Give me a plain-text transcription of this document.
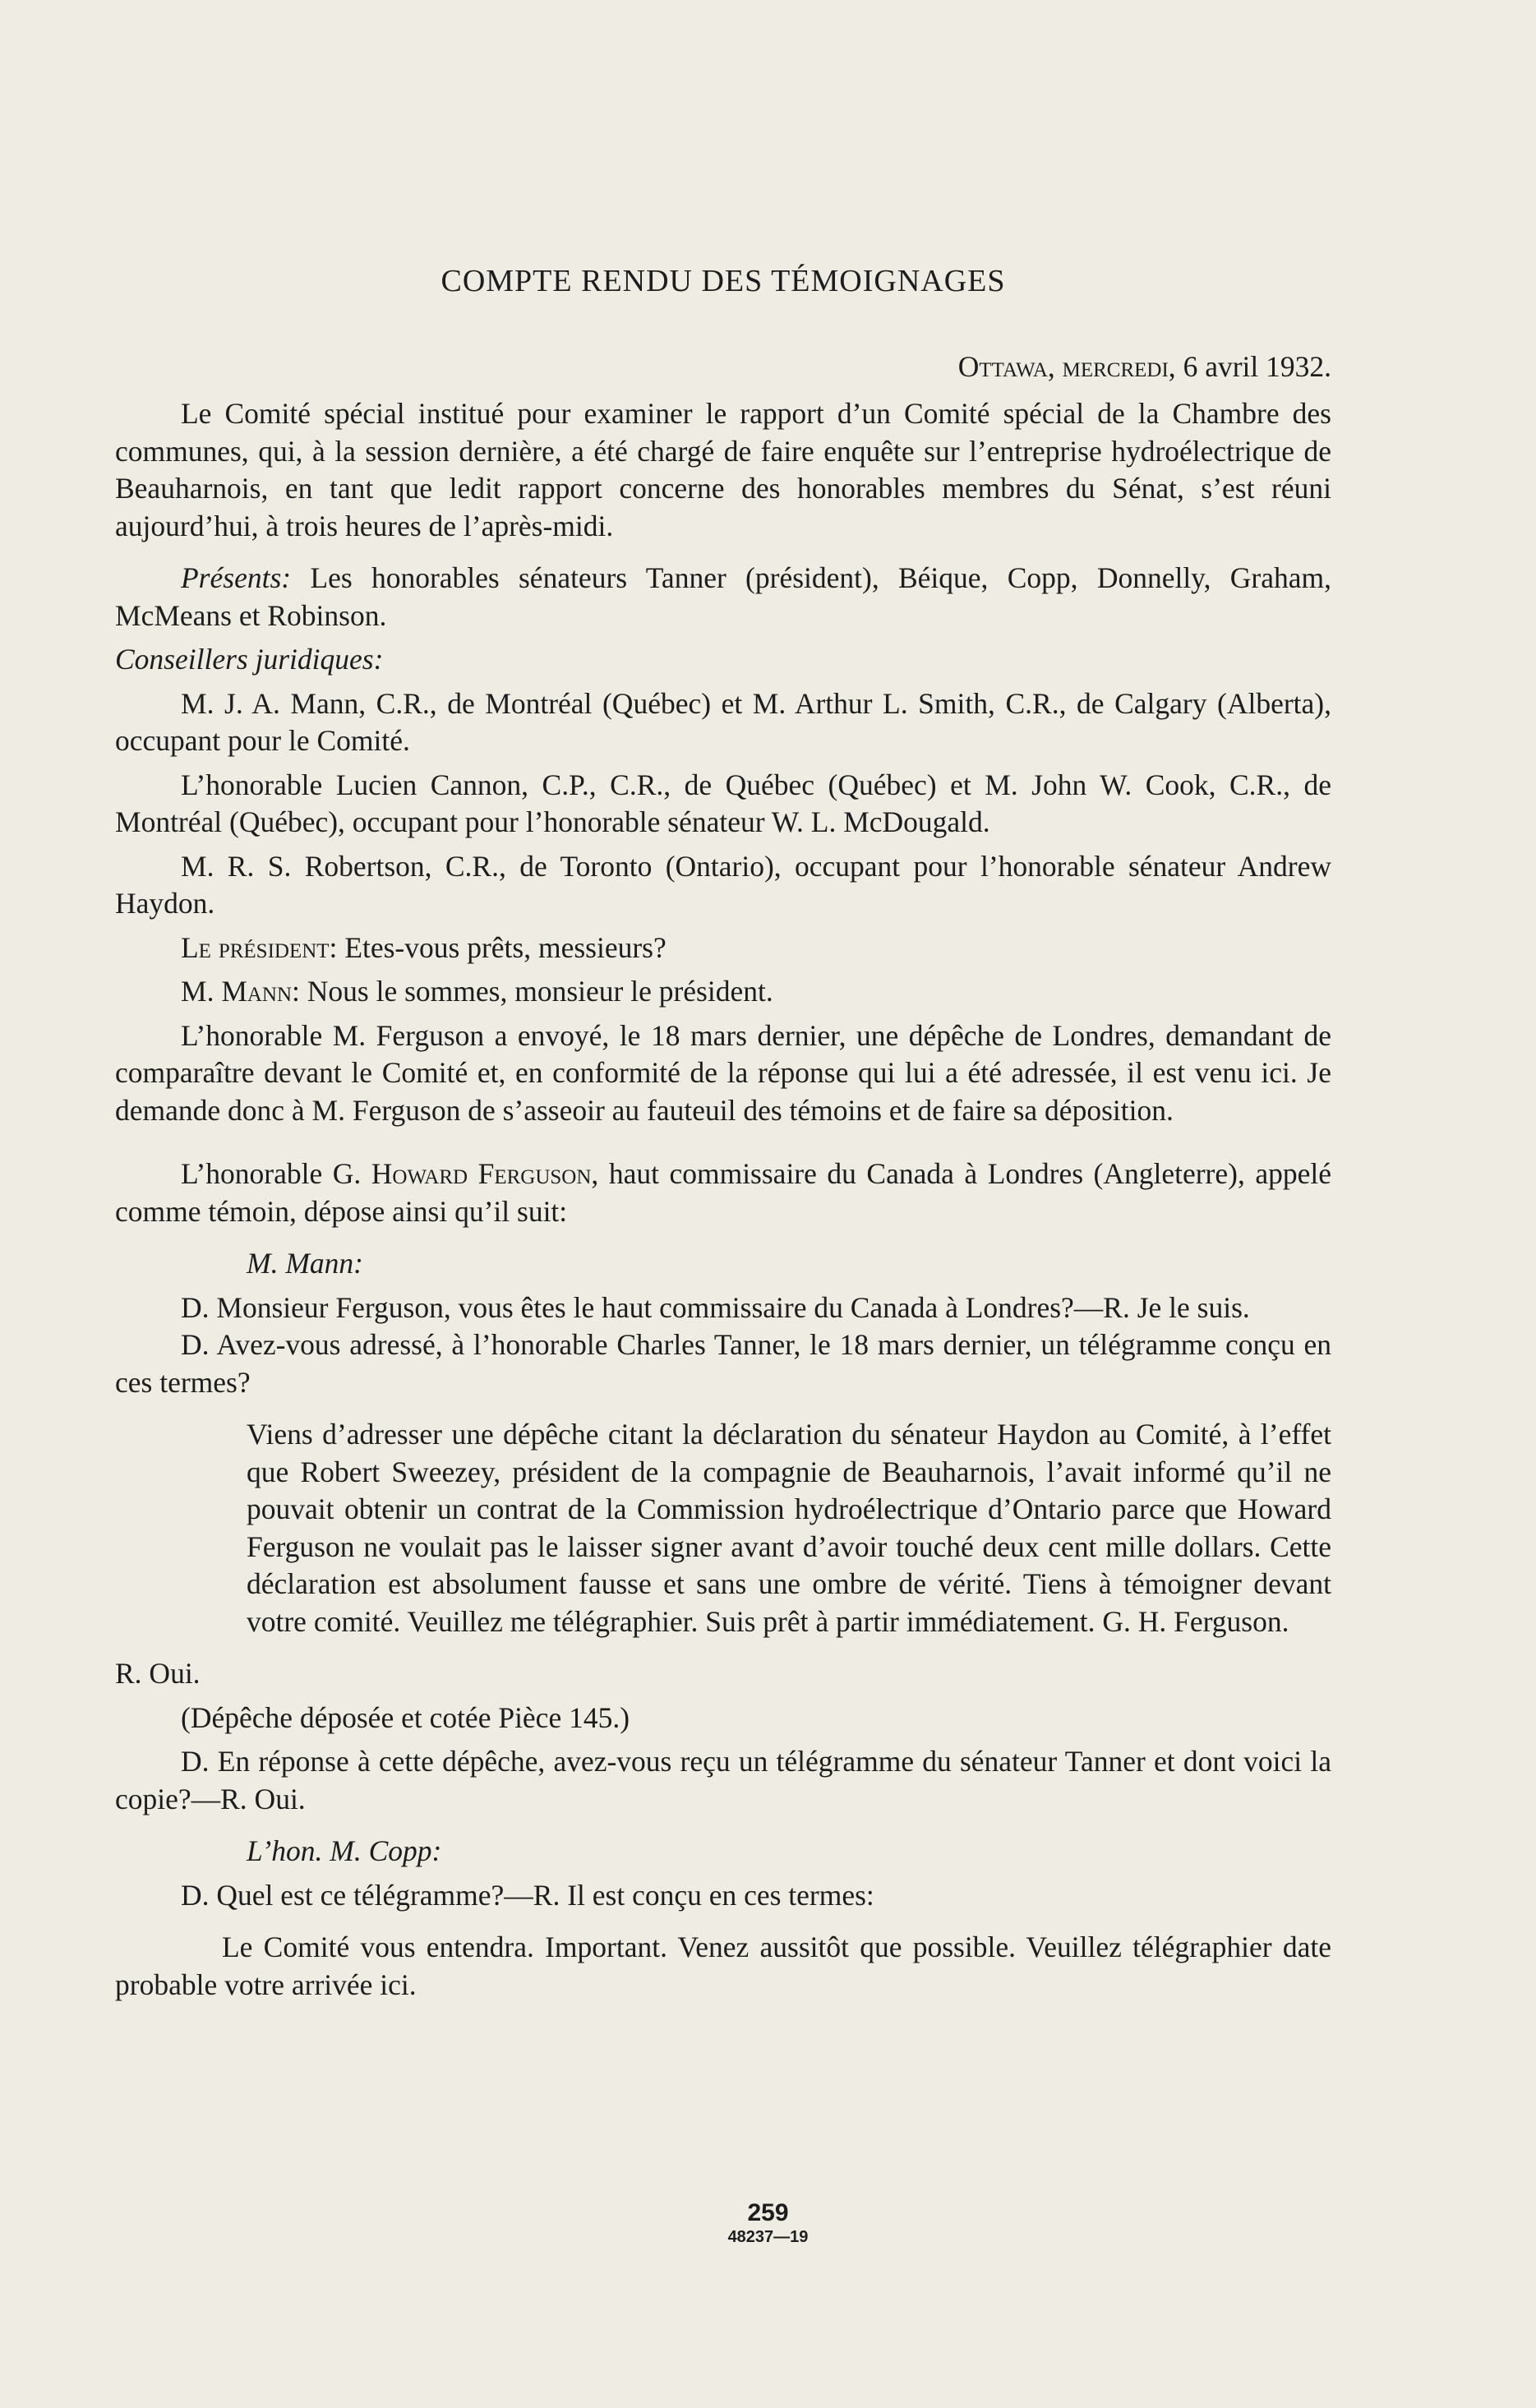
COMPTE RENDU DES TÉMOIGNAGES

Ottawa, mercredi, 6 avril 1932.

Le Comité spécial institué pour examiner le rapport d’un Comité spécial de la Chambre des communes, qui, à la session dernière, a été chargé de faire enquête sur l’entreprise hydroélectrique de Beauharnois, en tant que ledit rapport concerne des honorables membres du Sénat, s’est réuni aujourd’hui, à trois heures de l’après-midi.

Présents: Les honorables sénateurs Tanner (président), Béique, Copp, Donnelly, Graham, McMeans et Robinson.

Conseillers juridiques:

M. J. A. Mann, C.R., de Montréal (Québec) et M. Arthur L. Smith, C.R., de Calgary (Alberta), occupant pour le Comité.

L’honorable Lucien Cannon, C.P., C.R., de Québec (Québec) et M. John W. Cook, C.R., de Montréal (Québec), occupant pour l’honorable sénateur W. L. McDougald.

M. R. S. Robertson, C.R., de Toronto (Ontario), occupant pour l’honorable sénateur Andrew Haydon.

Le président: Etes-vous prêts, messieurs?

M. Mann: Nous le sommes, monsieur le président.

L’honorable M. Ferguson a envoyé, le 18 mars dernier, une dépêche de Londres, demandant de comparaître devant le Comité et, en conformité de la réponse qui lui a été adressée, il est venu ici. Je demande donc à M. Ferguson de s’asseoir au fauteuil des témoins et de faire sa déposition.

L’honorable G. Howard Ferguson, haut commissaire du Canada à Londres (Angleterre), appelé comme témoin, dépose ainsi qu’il suit:

M. Mann:

D. Monsieur Ferguson, vous êtes le haut commissaire du Canada à Londres?—R. Je le suis.

D. Avez-vous adressé, à l’honorable Charles Tanner, le 18 mars dernier, un télégramme conçu en ces termes?

Viens d’adresser une dépêche citant la déclaration du sénateur Haydon au Comité, à l’effet que Robert Sweezey, président de la compagnie de Beauharnois, l’avait informé qu’il ne pouvait obtenir un contrat de la Commission hydroélectrique d’Ontario parce que Howard Ferguson ne voulait pas le laisser signer avant d’avoir touché deux cent mille dollars. Cette déclaration est absolument fausse et sans une ombre de vérité. Tiens à témoigner devant votre comité. Veuillez me télégraphier. Suis prêt à partir immédiatement. G. H. Ferguson.

R. Oui.

(Dépêche déposée et cotée Pièce 145.)

D. En réponse à cette dépêche, avez-vous reçu un télégramme du sénateur Tanner et dont voici la copie?—R. Oui.

L’hon. M. Copp:

D. Quel est ce télégramme?—R. Il est conçu en ces termes:

Le Comité vous entendra. Important. Venez aussitôt que possible. Veuillez télégraphier date probable votre arrivée ici.

259
48237—19
